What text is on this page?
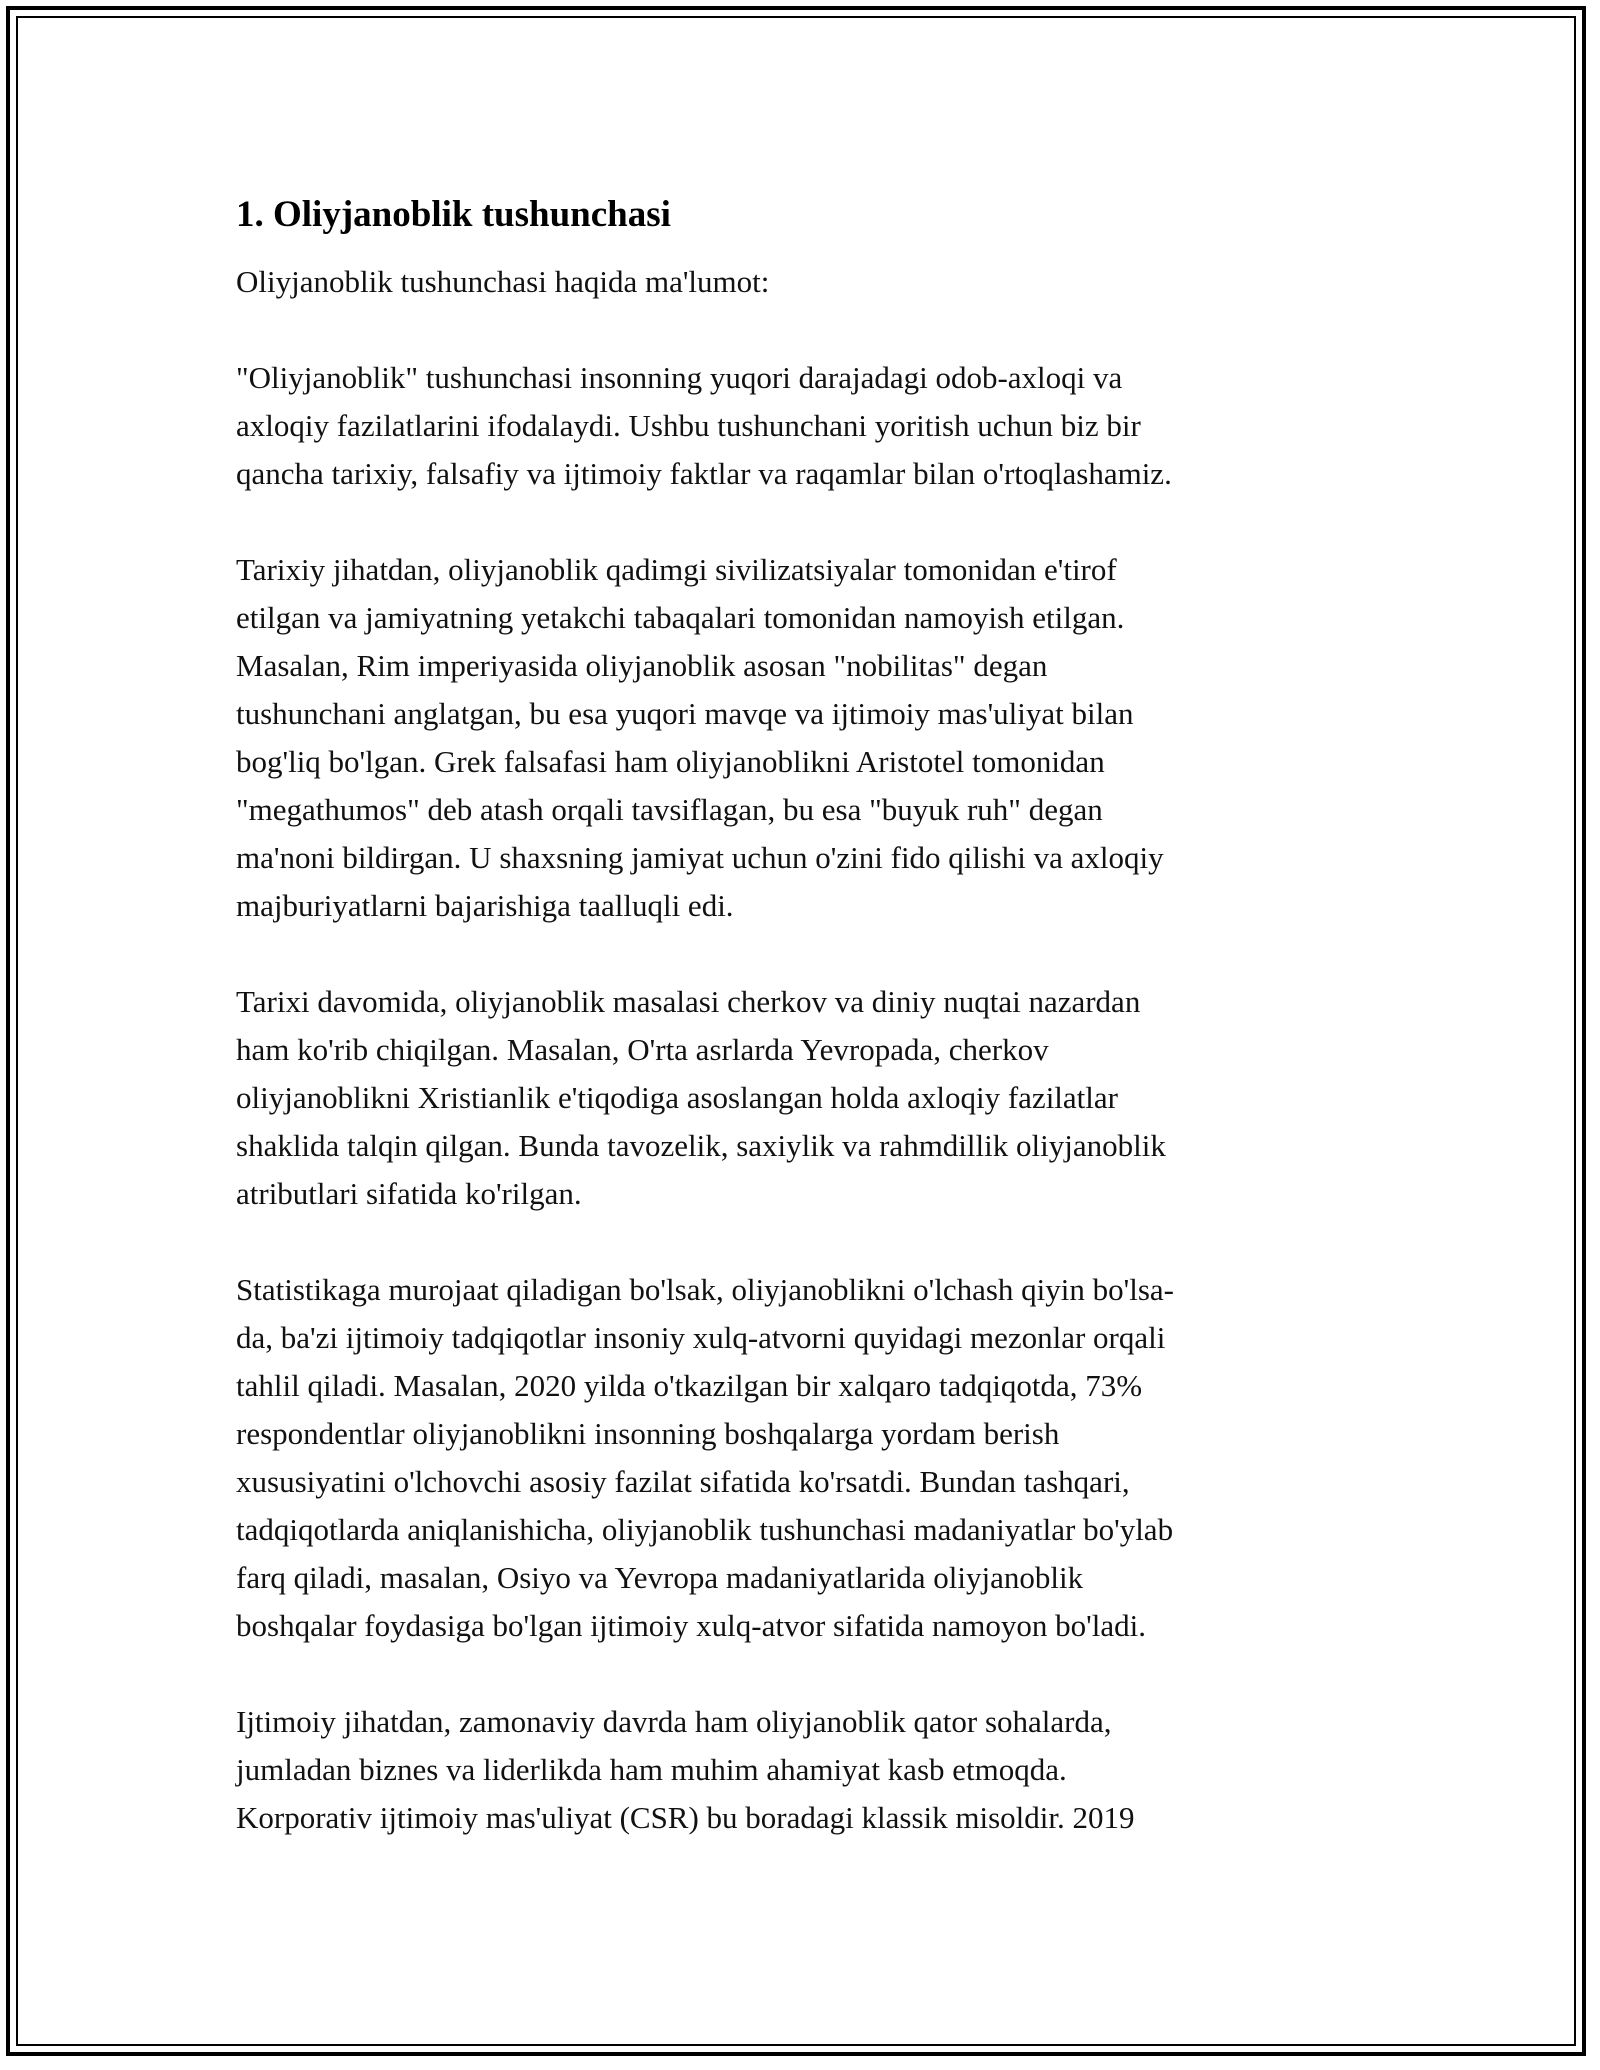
1. Oliyjanoblik tushunchasi

Oliyjanoblik tushunchasi haqida ma'lumot:

"Oliyjanoblik" tushunchasi insonning yuqori darajadagi odob-axloqi va
axloqiy fazilatlarini ifodalaydi. Ushbu tushunchani yoritish uchun biz bir
qancha tarixiy, falsafiy va ijtimoiy faktlar va raqamlar bilan o'rtoqlashamiz.

Tarixiy jihatdan, oliyjanoblik qadimgi sivilizatsiyalar tomonidan e'tirof
etilgan va jamiyatning yetakchi tabaqalari tomonidan namoyish etilgan.
Masalan, Rim imperiyasida oliyjanoblik asosan "nobilitas" degan
tushunchani anglatgan, bu esa yuqori mavqe va ijtimoiy mas'uliyat bilan
bog'liq bo'lgan. Grek falsafasi ham oliyjanoblikni Aristotel tomonidan
"megathumos" deb atash orqali tavsiflagan, bu esa "buyuk ruh" degan
ma'noni bildirgan. U shaxsning jamiyat uchun o'zini fido qilishi va axloqiy
majburiyatlarni bajarishiga taalluqli edi.

Tarixi davomida, oliyjanoblik masalasi cherkov va diniy nuqtai nazardan
ham ko'rib chiqilgan. Masalan, O'rta asrlarda Yevropada, cherkov
oliyjanoblikni Xristianlik e'tiqodiga asoslangan holda axloqiy fazilatlar
shaklida talqin qilgan. Bunda tavozelik, saxiylik va rahmdillik oliyjanoblik
atributlari sifatida ko'rilgan.

Statistikaga murojaat qiladigan bo'lsak, oliyjanoblikni o'lchash qiyin bo'lsa-
da, ba'zi ijtimoiy tadqiqotlar insoniy xulq-atvorni quyidagi mezonlar orqali
tahlil qiladi. Masalan, 2020 yilda o'tkazilgan bir xalqaro tadqiqotda, 73%
respondentlar oliyjanoblikni insonning boshqalarga yordam berish
xususiyatini o'lchovchi asosiy fazilat sifatida ko'rsatdi. Bundan tashqari,
tadqiqotlarda aniqlanishicha, oliyjanoblik tushunchasi madaniyatlar bo'ylab
farq qiladi, masalan, Osiyo va Yevropa madaniyatlarida oliyjanoblik
boshqalar foydasiga bo'lgan ijtimoiy xulq-atvor sifatida namoyon bo'ladi.

Ijtimoiy jihatdan, zamonaviy davrda ham oliyjanoblik qator sohalarda,
jumladan biznes va liderlikda ham muhim ahamiyat kasb etmoqda.
Korporativ ijtimoiy mas'uliyat (CSR) bu boradagi klassik misoldir. 2019
